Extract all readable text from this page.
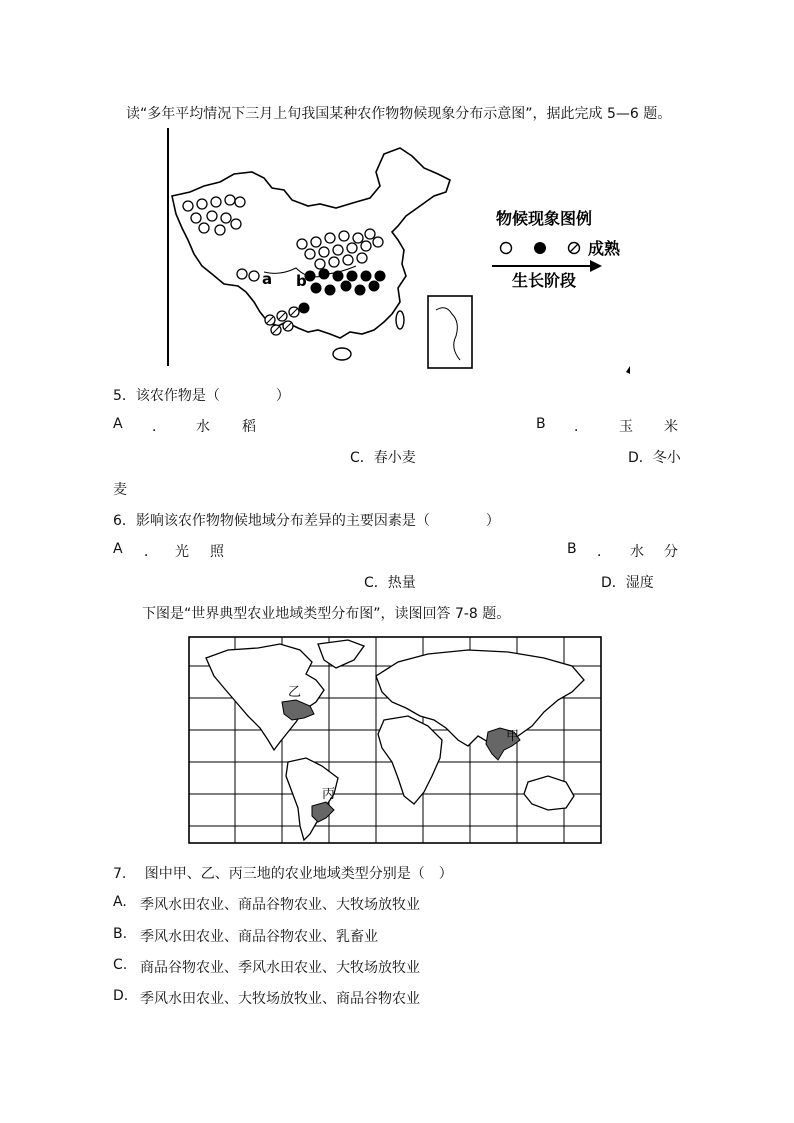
读“多年平均情况下三月上旬我国某种农作物物候现象分布示意图”，据此完成 5—6 题。
a b
物候现象图例
成熟
生长阶段
5．该农作物是（　　　　）
A ． 水 稻	B ． 玉 米
C．春小麦	D．冬小
麦
6．影响该农作物物候地域分布差异的主要因素是（　　　　）
A ． 光 照	B ． 水 分
C．热量	D．湿度
下图是“世界典型农业地域类型分布图”，读图回答 7-8 题。
乙
甲
丙
7.　 图中甲、乙、丙三地的农业地域类型分别是（　）
A. 季风水田农业、商品谷物农业、大牧场放牧业
B. 季风水田农业、商品谷物农业、乳畜业
C. 商品谷物农业、季风水田农业、大牧场放牧业
D. 季风水田农业、大牧场放牧业、商品谷物农业
